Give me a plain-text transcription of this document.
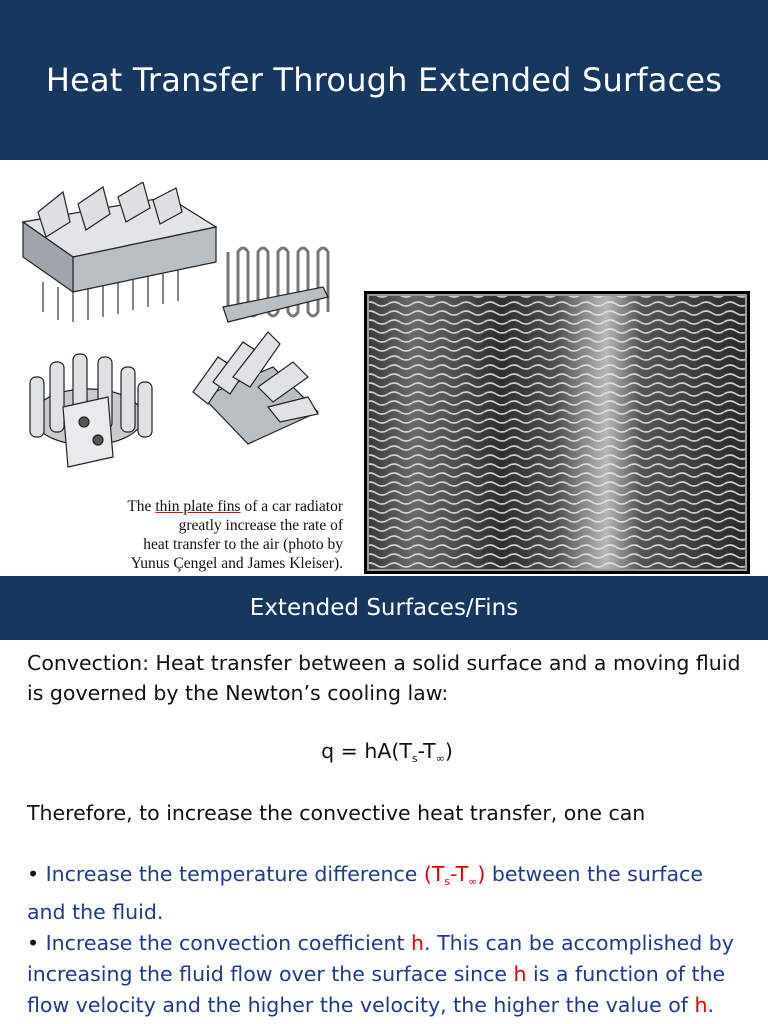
Heat Transfer Through Extended Surfaces
The thin plate fins of a car radiator
greatly increase the rate of
heat transfer to the air (photo by
Yunus Çengel and James Kleiser).
Extended Surfaces/Fins

Convection: Heat transfer between a solid surface and a moving fluid is governed by the Newton’s cooling law:

$q = hA(T_s-T_\infty)$

Therefore, to increase the convective heat transfer, one can

• Increase the temperature difference $(T_s-T_\infty)$ between the surface and the fluid.

• Increase the convection coefficient h. This can be accomplished by increasing the fluid flow over the surface since h is a function of the flow velocity and the higher the velocity, the higher the value of h.
